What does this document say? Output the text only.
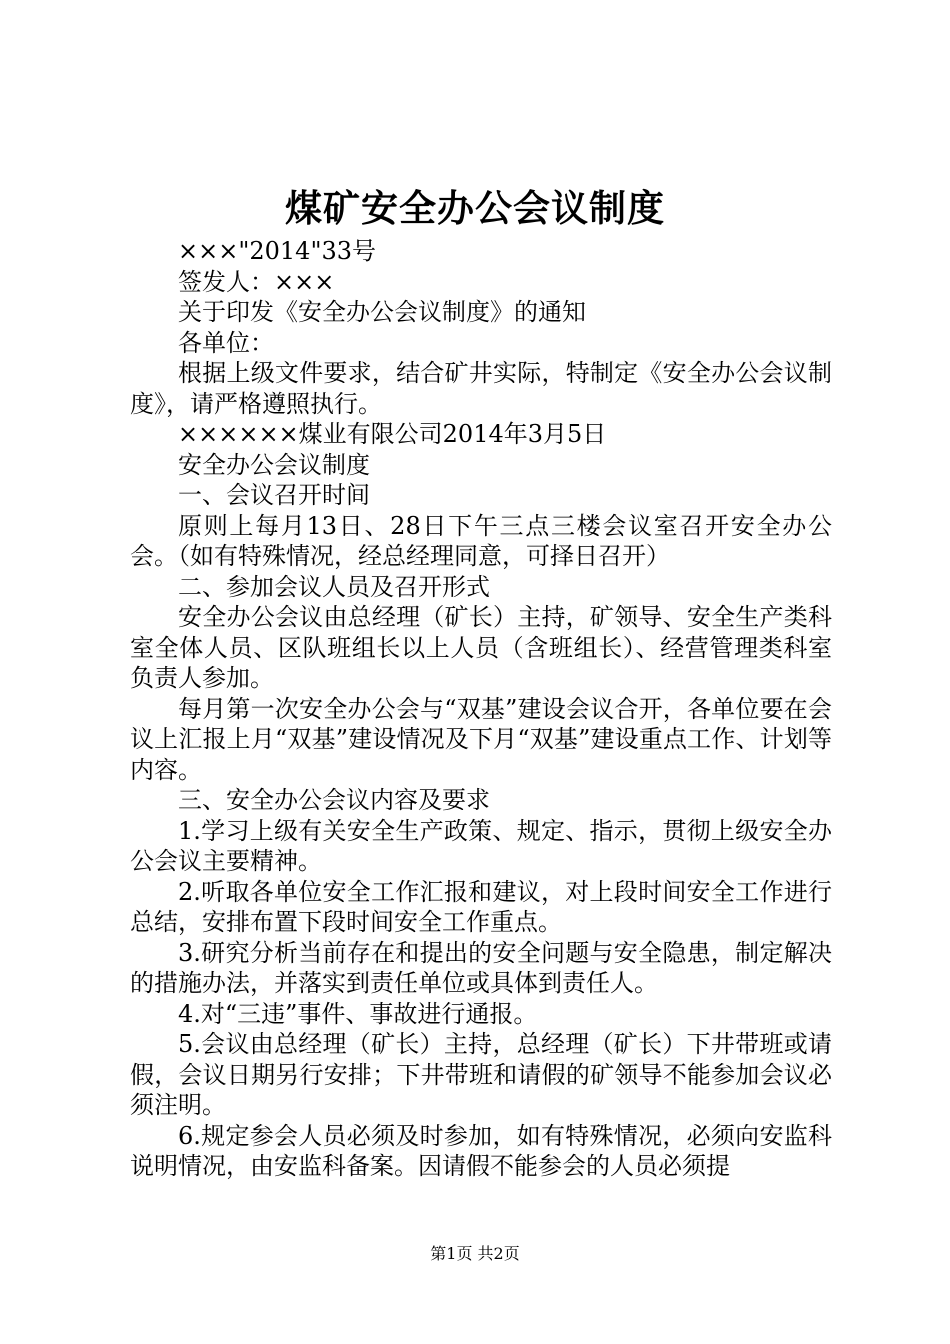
煤矿安全办公会议制度

×××"2014"33号

签发人：×××

关于印发《安全办公会议制度》的通知

各单位：

根据上级文件要求，结合矿井实际，特制定《安全办公会议制度》，请严格遵照执行。

××××××煤业有限公司2014年3月5日

安全办公会议制度

一、会议召开时间

原则上每月13日、28日下午三点三楼会议室召开安全办公会。（如有特殊情况，经总经理同意，可择日召开）

二、参加会议人员及召开形式

安全办公会议由总经理（矿长）主持，矿领导、安全生产类科室全体人员、区队班组长以上人员（含班组长）、经营管理类科室负责人参加。

每月第一次安全办公会与“双基”建设会议合开，各单位要在会议上汇报上月“双基”建设情况及下月“双基”建设重点工作、计划等内容。

三、安全办公会议内容及要求

1.学习上级有关安全生产政策、规定、指示，贯彻上级安全办公会议主要精神。

2.听取各单位安全工作汇报和建议，对上段时间安全工作进行总结，安排布置下段时间安全工作重点。

3.研究分析当前存在和提出的安全问题与安全隐患，制定解决的措施办法，并落实到责任单位或具体到责任人。

4.对“三违”事件、事故进行通报。

5.会议由总经理（矿长）主持，总经理（矿长）下井带班或请假，会议日期另行安排；下井带班和请假的矿领导不能参加会议必须注明。

6.规定参会人员必须及时参加，如有特殊情况，必须向安监科说明情况，由安监科备案。因请假不能参会的人员必须提

第1页 共2页
